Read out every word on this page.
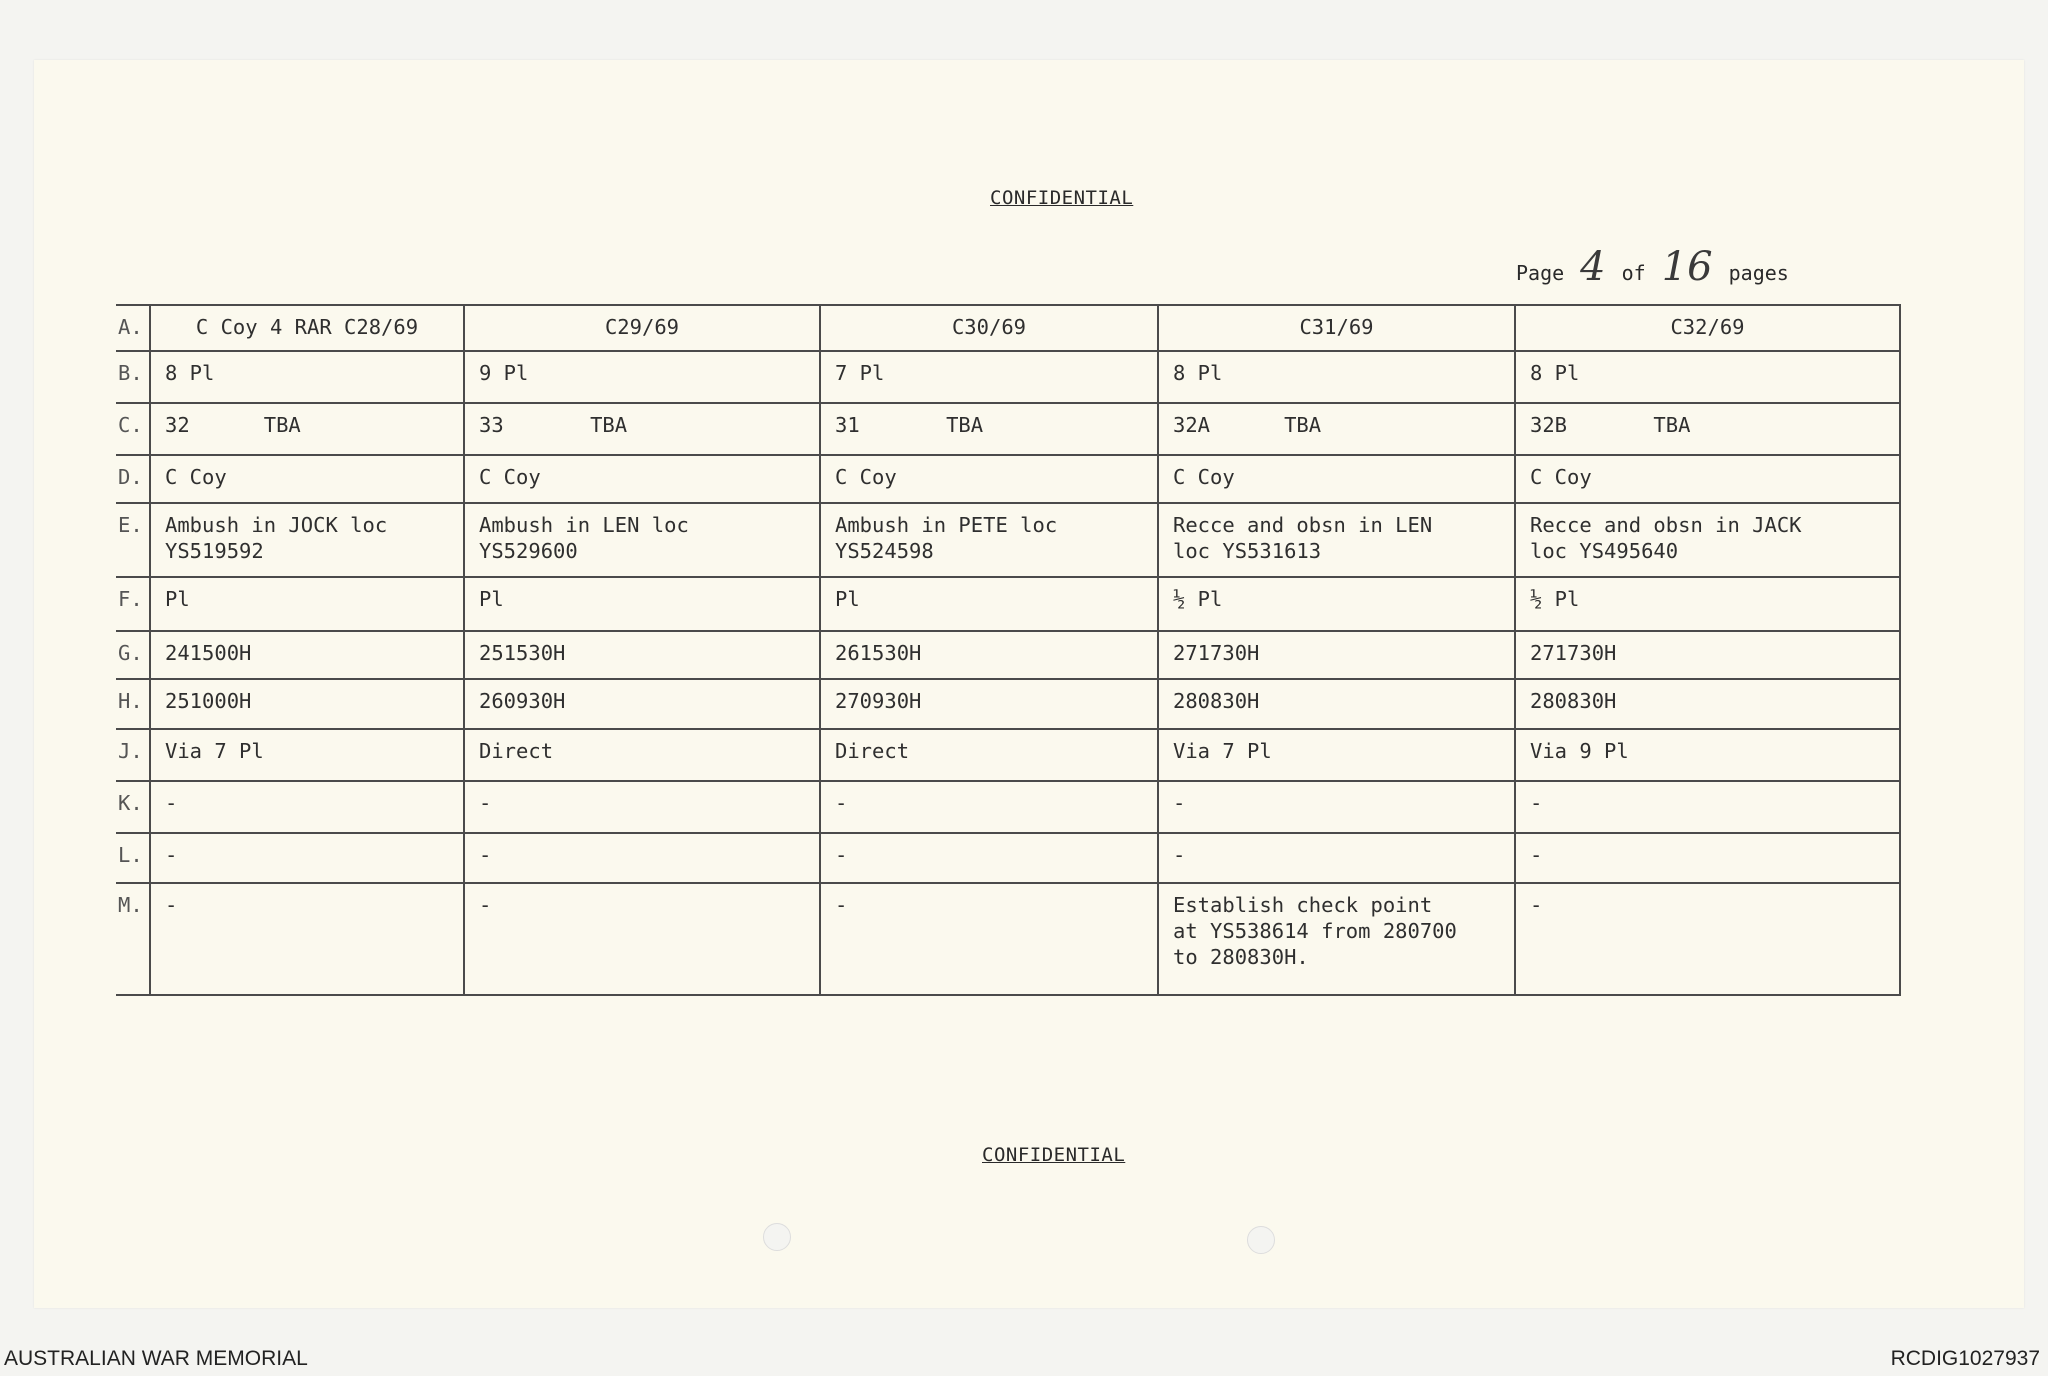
CONFIDENTIAL
Page 4 of 16 pages
A.	C Coy 4 RAR C28/69	C29/69	C30/69	C31/69	C32/69
B.	8 Pl	9 Pl	7 Pl	8 Pl	8 Pl
C.	32      TBA	33       TBA	31       TBA	32A      TBA	32B       TBA
D.	C Coy	C Coy	C Coy	C Coy	C Coy
E.	Ambush in JOCK loc
YS519592	Ambush in LEN loc
YS529600	Ambush in PETE loc
YS524598	Recce and obsn in LEN
loc YS531613	Recce and obsn in JACK
loc YS495640
F.	Pl	Pl	Pl	½ Pl	½ Pl
G.	241500H	251530H	261530H	271730H	271730H
H.	251000H	260930H	270930H	280830H	280830H
J.	Via 7 Pl	Direct	Direct	Via 7 Pl	Via 9 Pl
K.	-	-	-	-	-
L.	-	-	-	-	-
M.	-	-	-	Establish check point
at YS538614 from 280700
to 280830H.	-
CONFIDENTIAL
AUSTRALIAN WAR MEMORIAL	RCDIG1027937
